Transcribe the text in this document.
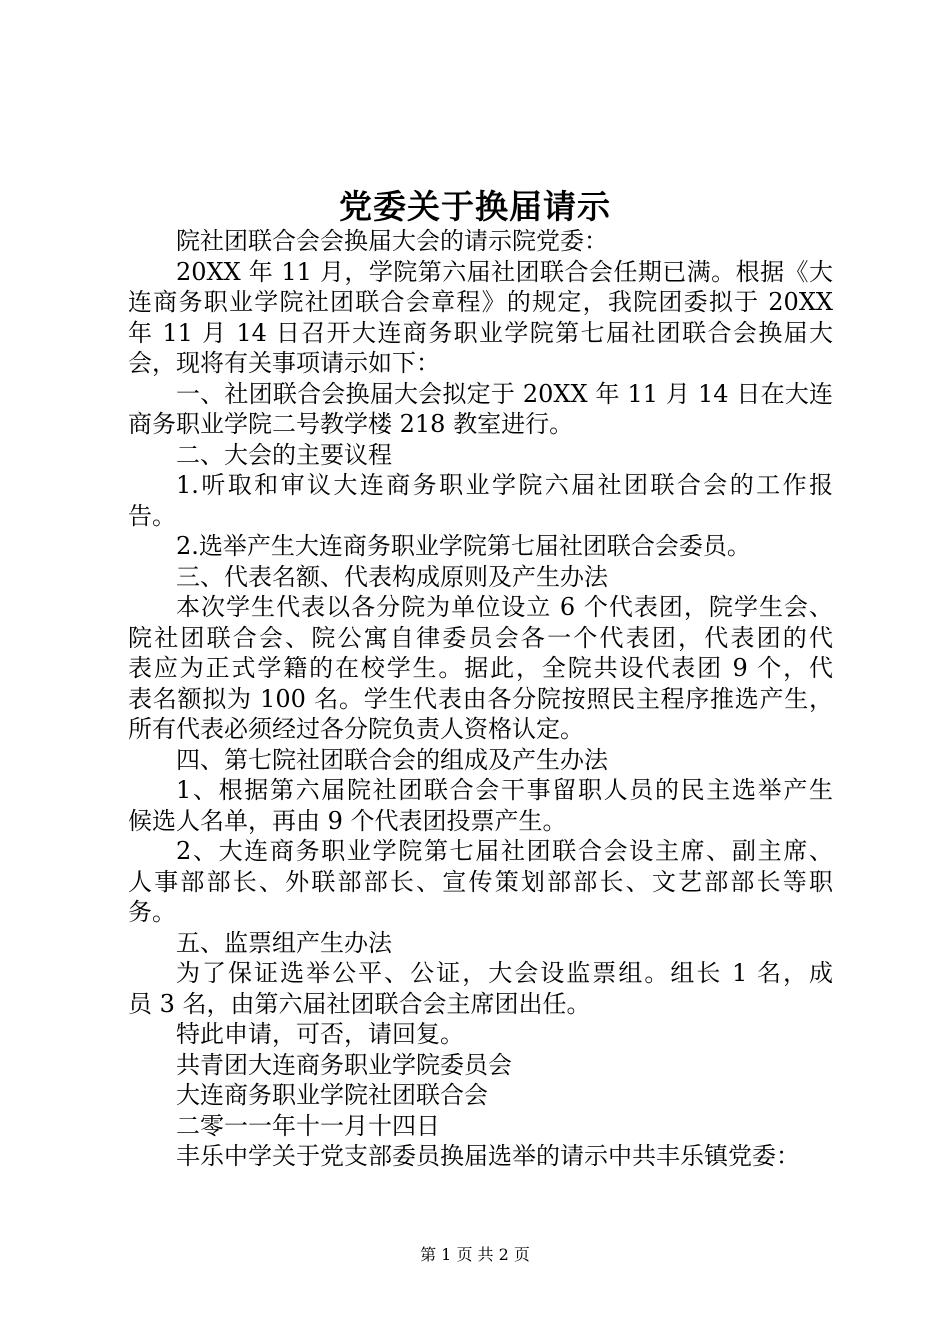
党委关于换届请示
院社团联合会会换届大会的请示院党委：
20XX 年 11 月，学院第六届社团联合会任期已满。根据《大
连商务职业学院社团联合会章程》的规定，我院团委拟于 20XX
年 11 月 14 日召开大连商务职业学院第七届社团联合会换届大
会，现将有关事项请示如下：
一、社团联合会换届大会拟定于 20XX 年 11 月 14 日在大连
商务职业学院二号教学楼 218 教室进行。
二、大会的主要议程
1.听取和审议大连商务职业学院六届社团联合会的工作报
告。
2.选举产生大连商务职业学院第七届社团联合会委员。
三、代表名额、代表构成原则及产生办法
本次学生代表以各分院为单位设立 6 个代表团，院学生会、
院社团联合会、院公寓自律委员会各一个代表团，代表团的代
表应为正式学籍的在校学生。据此，全院共设代表团 9 个，代
表名额拟为 100 名。学生代表由各分院按照民主程序推选产生，
所有代表必须经过各分院负责人资格认定。
四、第七院社团联合会的组成及产生办法
1、根据第六届院社团联合会干事留职人员的民主选举产生
候选人名单，再由 9 个代表团投票产生。
2、大连商务职业学院第七届社团联合会设主席、副主席、
人事部部长、外联部部长、宣传策划部部长、文艺部部长等职
务。
五、监票组产生办法
为了保证选举公平、公证，大会设监票组。组长 1 名，成
员 3 名，由第六届社团联合会主席团出任。
特此申请，可否，请回复。
共青团大连商务职业学院委员会
大连商务职业学院社团联合会
二零一一年十一月十四日
丰乐中学关于党支部委员换届选举的请示中共丰乐镇党委：
第 1 页 共 2 页
